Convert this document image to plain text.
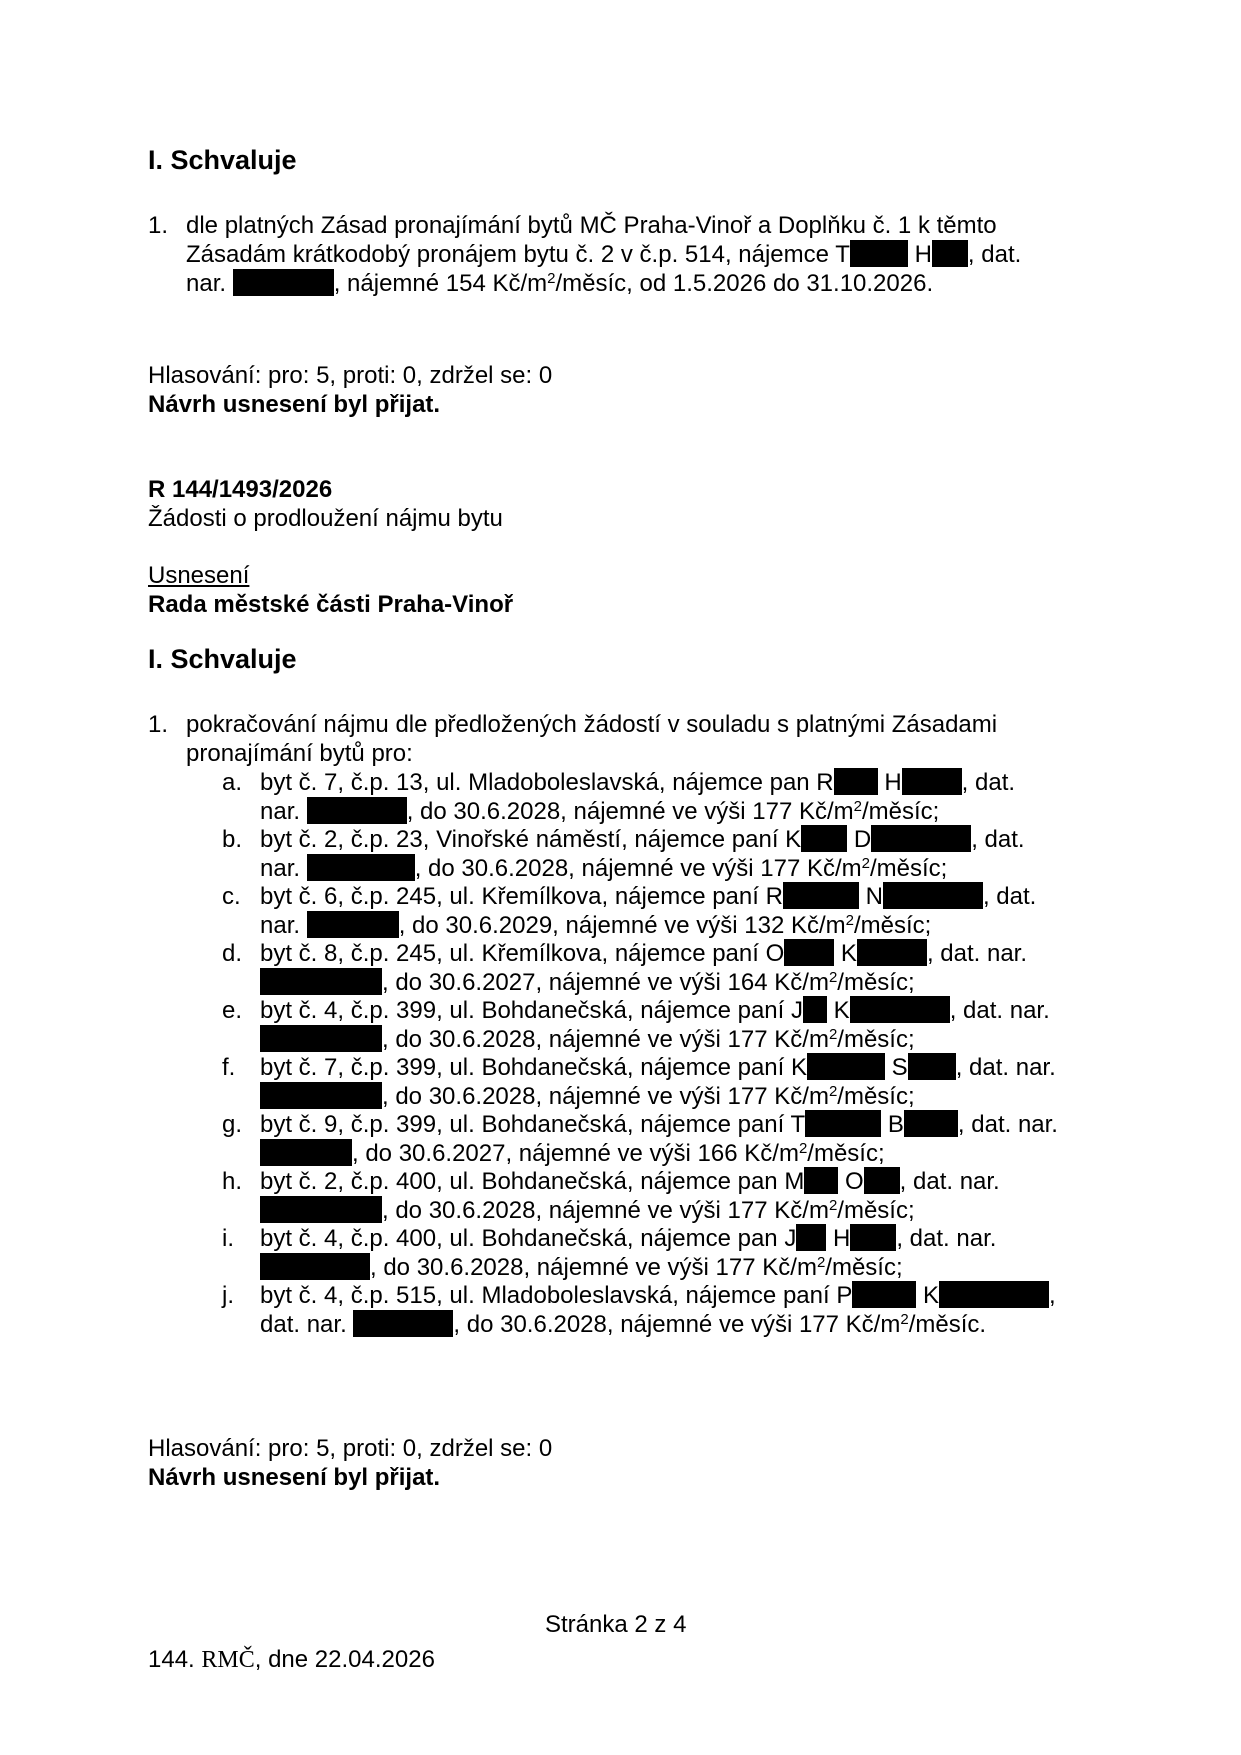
I. Schvaluje
1. dle platných Zásad pronajímání bytů MČ Praha-Vinoř a Doplňku č. 1 k těmto
Zásadám krátkodobý pronájem bytu č. 2 v č.p. 514, nájemce T	H , dat.
nar.	, nájemné 154 $Kč/m^2$/měsíc, od 1.5.2026 do 31.10.2026.
Hlasování: pro: 5, proti: 0, zdržel se: 0
Návrh usnesení byl přijat.
R 144/1493/2026
Žádosti o prodloužení nájmu bytu
Usnesení
Rada městské části Praha-Vinoř
I. Schvaluje
1. pokračování nájmu dle předložených žádostí v souladu s platnými Zásadami
pronajímání bytů pro:
a. byt č. 7, č.p. 13, ul. Mladoboleslavská, nájemce pan R H	, dat.
nar.	, do 30.6.2028, nájemné ve výši 177 $Kč/m^2$/měsíc;
b. byt č. 2, č.p. 23, Vinořské náměstí, nájemce paní K D	, dat.
nar.	, do 30.6.2028, nájemné ve výši 177 $Kč/m^2$/měsíc;
c. byt č. 6, č.p. 245, ul. Křemílkova, nájemce paní R	N	, dat.
nar.	, do 30.6.2029, nájemné ve výši 132 $Kč/m^2$/měsíc;
d. byt č. 8, č.p. 245, ul. Křemílkova, nájemce paní O K	, dat. nar.
, do 30.6.2027, nájemné ve výši 164 $Kč/m^2$/měsíc;
e. byt č. 4, č.p. 399, ul. Bohdanečská, nájemce paní J K	, dat. nar.
, do 30.6.2028, nájemné ve výši 177 $Kč/m^2$/měsíc;
f. byt č. 7, č.p. 399, ul. Bohdanečská, nájemce paní K	S , dat. nar.
, do 30.6.2028, nájemné ve výši 177 $Kč/m^2$/měsíc;
g. byt č. 9, č.p. 399, ul. Bohdanečská, nájemce paní T	B , dat. nar.
, do 30.6.2027, nájemné ve výši 166 $Kč/m^2$/měsíc;
h. byt č. 2, č.p. 400, ul. Bohdanečská, nájemce pan M O , dat. nar.
, do 30.6.2028, nájemné ve výši 177 $Kč/m^2$/měsíc;
i. byt č. 4, č.p. 400, ul. Bohdanečská, nájemce pan J H , dat. nar.
, do 30.6.2028, nájemné ve výši 177 $Kč/m^2$/měsíc;
j. byt č. 4, č.p. 515, ul. Mladoboleslavská, nájemce paní P	K	,
dat. nar.	, do 30.6.2028, nájemné ve výši 177 $Kč/m^2$/měsíc.
Hlasování: pro: 5, proti: 0, zdržel se: 0
Návrh usnesení byl přijat.
Stránka 2 z 4
144. RMČ, dne 22.04.2026
